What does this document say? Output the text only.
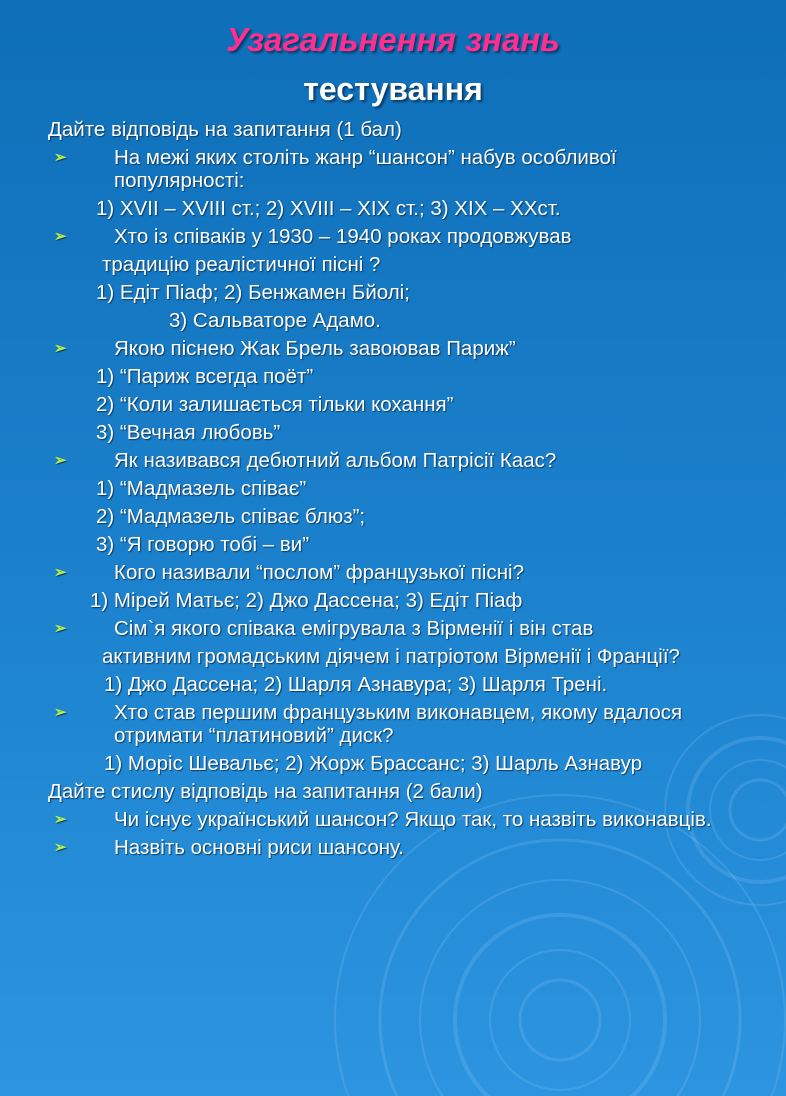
Узагальнення знань
тестування
Дайте відповідь на запитання (1 бал)
➢ На межі яких століть жанр “шансон” набув особливої популярності:
1) XVII – XVIII ст.; 2) XVIII – XIX ст.; 3) XIX – XXст.
➢ Хто із співаків у 1930 – 1940 роках продовжував
традицію реалістичної пісні ?
1) Едіт Піаф; 2) Бенжамен Бйолі;
3) Сальваторе Адамо.
➢ Якою піснею Жак Брель завоював Париж”
1) “Париж всегда поёт”
2) “Коли залишається тільки кохання”
3) “Вечная любовь”
➢ Як називався дебютний альбом Патрісії Каас?
1) “Мадмазель співає”
2) “Мадмазель співає блюз”;
3) “Я говорю тобі – ви”
➢ Кого називали “послом” французької пісні?
1) Мірей Матьє; 2) Джо Дассена; 3) Едіт Піаф
➢ Сім`я якого співака емігрувала з Вірменії і він став
активним громадським діячем і патріотом Вірменії і Франції?
1) Джо Дассена; 2) Шарля Азнавура; 3) Шарля Трені.
➢ Хто став першим французьким виконавцем, якому вдалося отримати “платиновий” диск?
1) Моріс Шевальє; 2) Жорж Брассанс; 3) Шарль Азнавур
Дайте стислу відповідь на запитання (2 бали)
➢ Чи існує український шансон? Якщо так, то назвіть виконавців.
➢ Назвіть основні риси шансону.
